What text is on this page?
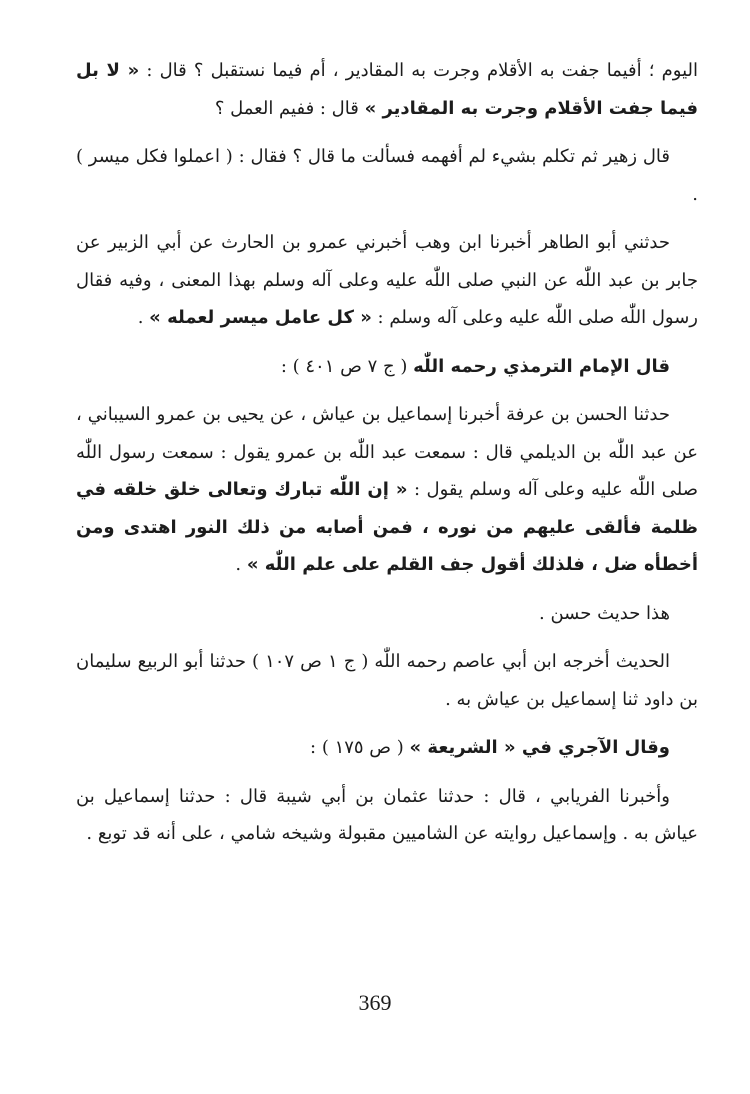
اليوم ؛ أفيما جفت به الأقلام وجرت به المقادير ، أم فيما نستقبل ؟ قال : « لا بل فيما جفت الأقلام وجرت به المقادير » قال : ففيم العمل ؟

قال زهير ثم تكلم بشيء لم أفهمه فسألت ما قال ؟ فقال : ( اعملوا فكل ميسر ) .

حدثني أبو الطاهر أخبرنا ابن وهب أخبرني عمرو بن الحارث عن أبي الزبير عن جابر بن عبد اللّٰه عن النبي صلى اللّٰه عليه وعلى آله وسلم بهذا المعنى ، وفيه فقال رسول اللّٰه صلى اللّٰه عليه وعلى آله وسلم : « كل عامل ميسر لعمله » .

قال الإمام الترمذي رحمه اللّٰه ( ج ٧ ص ٤٠١ ) :

حدثنا الحسن بن عرفة أخبرنا إسماعيل بن عياش ، عن يحيى بن عمرو السيباني ، عن عبد اللّٰه بن الديلمي قال : سمعت عبد اللّٰه بن عمرو يقول : سمعت رسول اللّٰه صلى اللّٰه عليه وعلى آله وسلم يقول : « إن اللّٰه تبارك وتعالى خلق خلقه في ظلمة فألقى عليهم من نوره ، فمن أصابه من ذلك النور اهتدى ومن أخطأه ضل ، فلذلك أقول جف القلم على علم اللّٰه » .

هذا حديث حسن .

الحديث أخرجه ابن أبي عاصم رحمه اللّٰه ( ج ١ ص ١٠٧ ) حدثنا أبو الربيع سليمان بن داود ثنا إسماعيل بن عياش به .

وقال الآجري في « الشريعة » ( ص ١٧٥ ) :

وأخبرنا الفريابي ، قال : حدثنا عثمان بن أبي شيبة قال : حدثنا إسماعيل بن عياش به . وإسماعيل روايته عن الشاميين مقبولة وشيخه شامي ، على أنه قد توبع .

369
